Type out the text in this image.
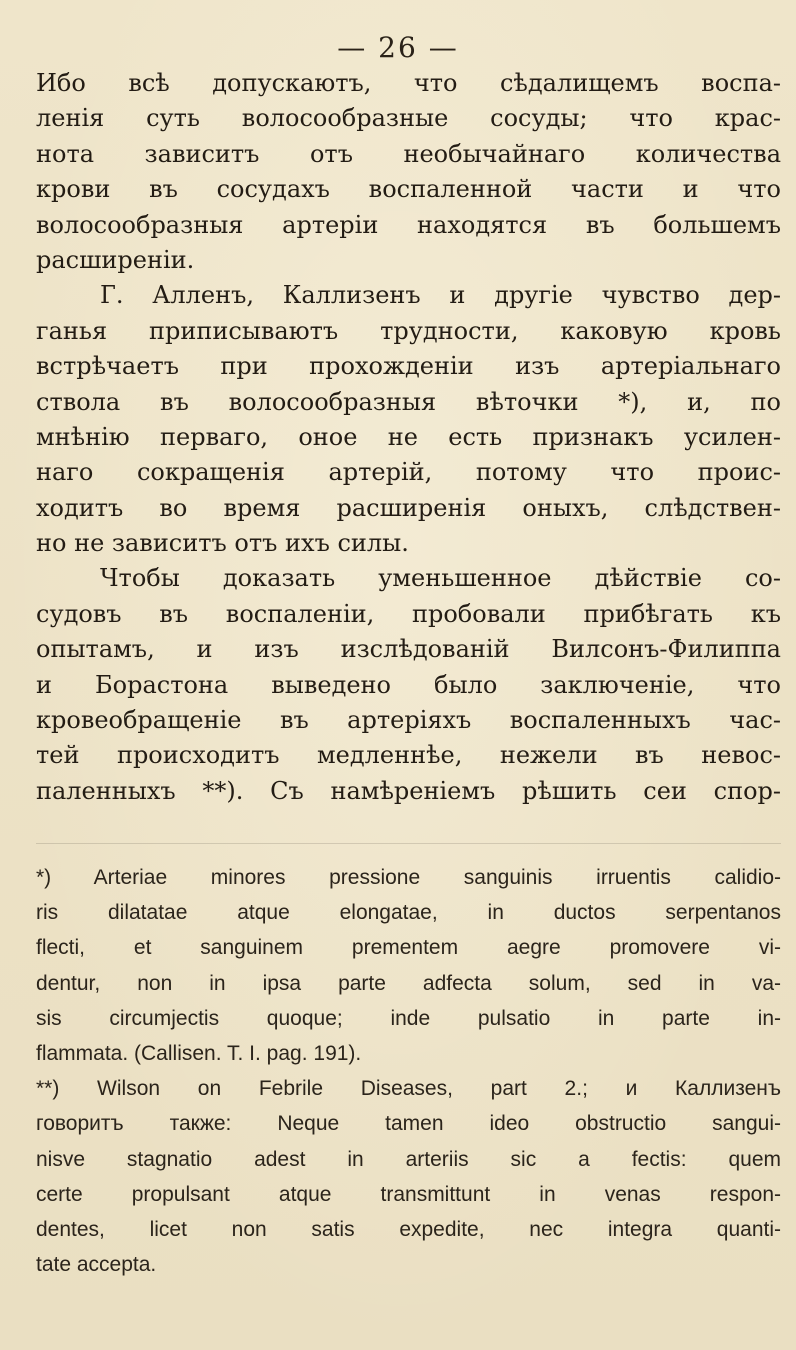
— 26 —
Ибо всѣ допускаютъ, что сѣдалищемъ воспа-
ленія суть волосообразные сосуды; что крас-
нота зависитъ отъ необычайнаго количества
крови въ сосудахъ воспаленной части и что
волосообразныя артеріи находятся въ большемъ
расширеніи.
Г. Алленъ, Каллизенъ и другіе чувство дер-
ганья приписываютъ трудности, каковую кровь
встрѣчаетъ при прохожденіи изъ артеріальнаго
ствола въ волосообразныя вѣточки *), и, по
мнѣнію перваго, оное не есть признакъ усилен-
наго сокращенія артерій, потому что проис-
ходитъ во время расширенія оныхъ, слѣдствен-
но не зависитъ отъ ихъ силы.
Чтобы доказать уменьшенное дѣйствіе со-
судовъ въ воспаленіи, пробовали прибѣгать къ
опытамъ, и изъ изслѣдованій Вилсонъ-Филиппа
и Борастона выведено было заключеніе, что
кровеобращеніе въ артеріяхъ воспаленныхъ час-
тей происходитъ медленнѣе, нежели въ невос-
паленныхъ **). Съ намѣреніемъ рѣшить сеи спор-
*) Arteriae minores pressione sanguinis irruentis calidio-
ris dilatatae atque elongatae, in ductos serpentanos
flecti, et sanguinem prementem aegre promovere vi-
dentur, non in ipsa parte adfecta solum, sed in va-
sis circumjectis quoque; inde pulsatio in parte in-
flammata. (Callisen. T. I. pag. 191).
**) Wilson on Febrile Diseases, part 2.; и Каллизенъ
говоритъ также: Neque tamen ideo obstructio sangui-
nisve stagnatio adest in arteriis sic a fectis: quem
certe propulsant atque transmittunt in venas respon-
dentes, licet non satis expedite, nec integra quanti-
tate accepta.
